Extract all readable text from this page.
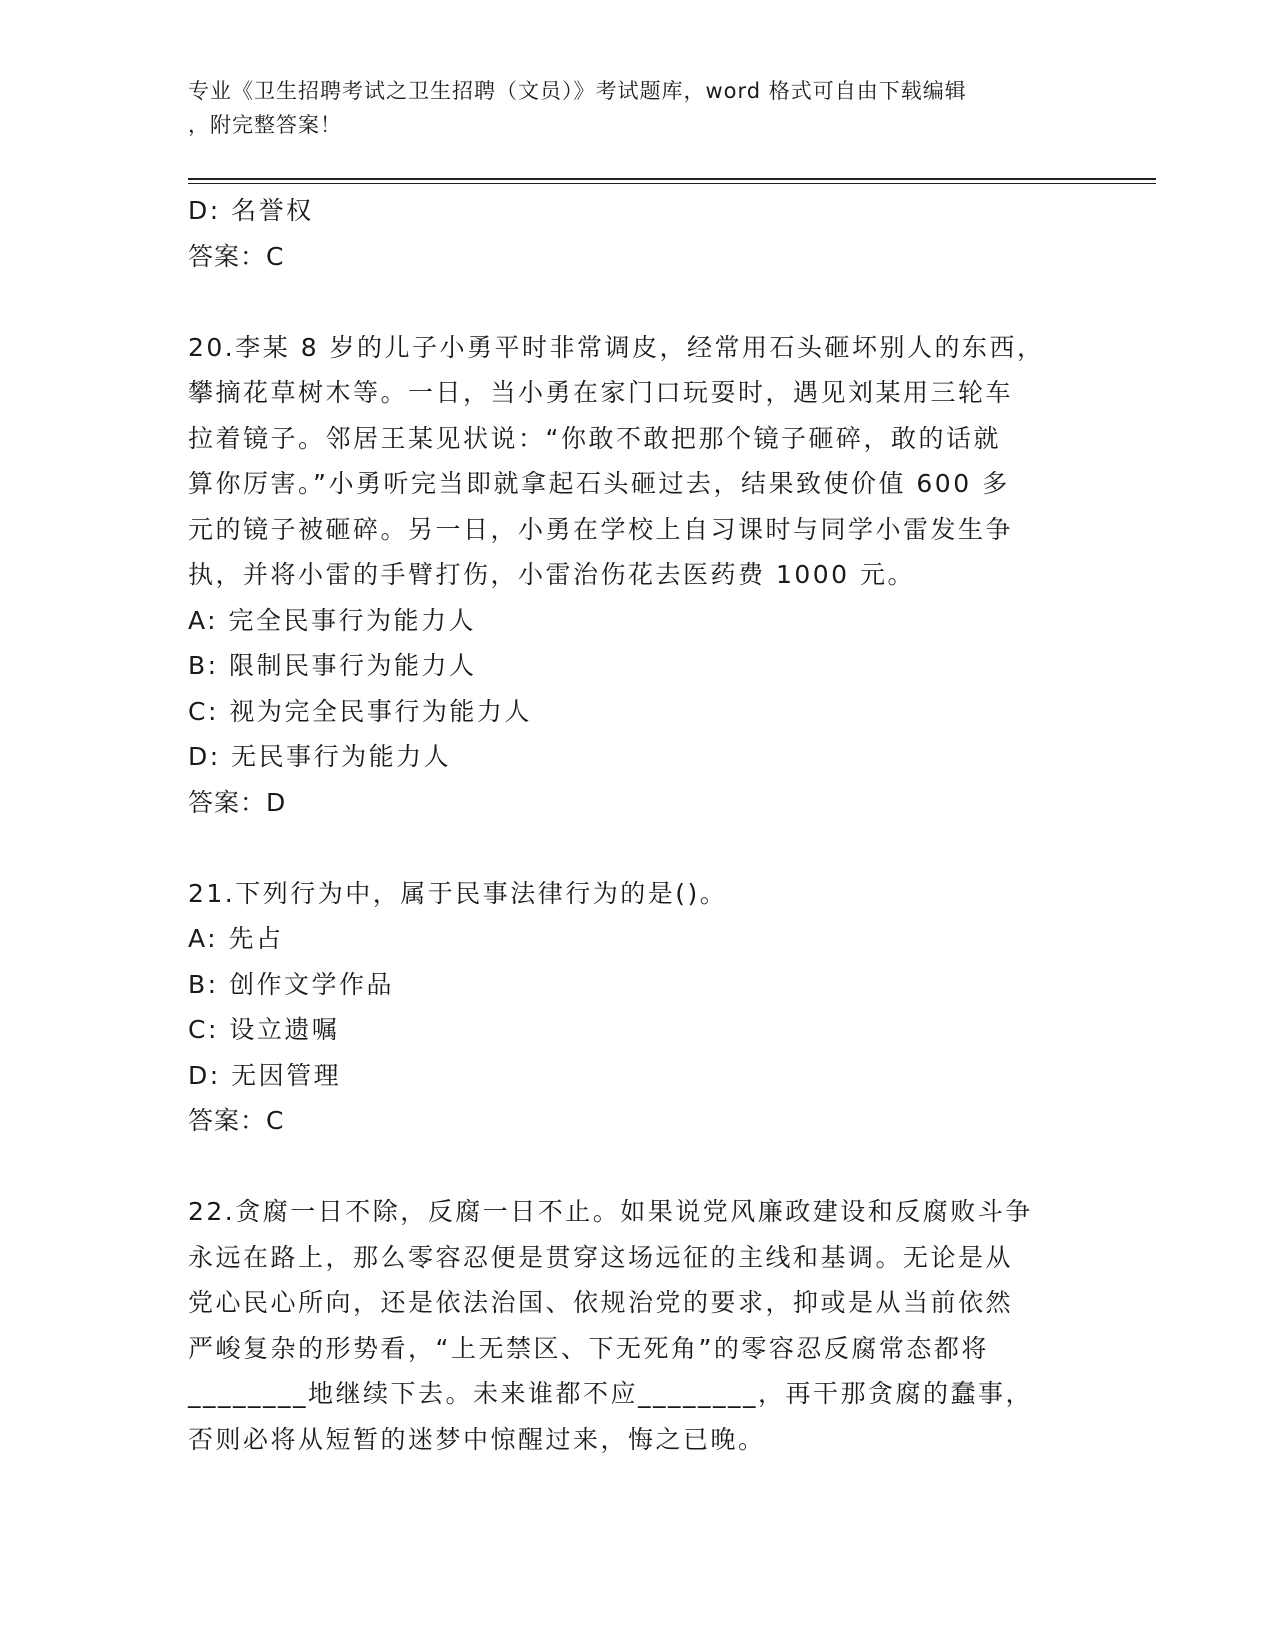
专业《卫生招聘考试之卫生招聘（文员）》考试题库，word 格式可自由下载编辑
，附完整答案！

D: 名誉权

答案：C

20.李某 8 岁的儿子小勇平时非常调皮，经常用石头砸坏别人的东西，

攀摘花草树木等。一日，当小勇在家门口玩耍时，遇见刘某用三轮车

拉着镜子。邻居王某见状说：“你敢不敢把那个镜子砸碎，敢的话就

算你厉害。”小勇听完当即就拿起石头砸过去，结果致使价值 600 多

元的镜子被砸碎。另一日，小勇在学校上自习课时与同学小雷发生争

执，并将小雷的手臂打伤，小雷治伤花去医药费 1000 元。

A: 完全民事行为能力人

B: 限制民事行为能力人

C: 视为完全民事行为能力人

D: 无民事行为能力人

答案：D

21.下列行为中，属于民事法律行为的是()。

A: 先占

B: 创作文学作品

C: 设立遗嘱

D: 无因管理

答案：C

22.贪腐一日不除，反腐一日不止。如果说党风廉政建设和反腐败斗争

永远在路上，那么零容忍便是贯穿这场远征的主线和基调。无论是从

党心民心所向，还是依法治国、依规治党的要求，抑或是从当前依然

严峻复杂的形势看，“上无禁区、下无死角”的零容忍反腐常态都将

________地继续下去。未来谁都不应________，再干那贪腐的蠢事，

否则必将从短暂的迷梦中惊醒过来，悔之已晚。
